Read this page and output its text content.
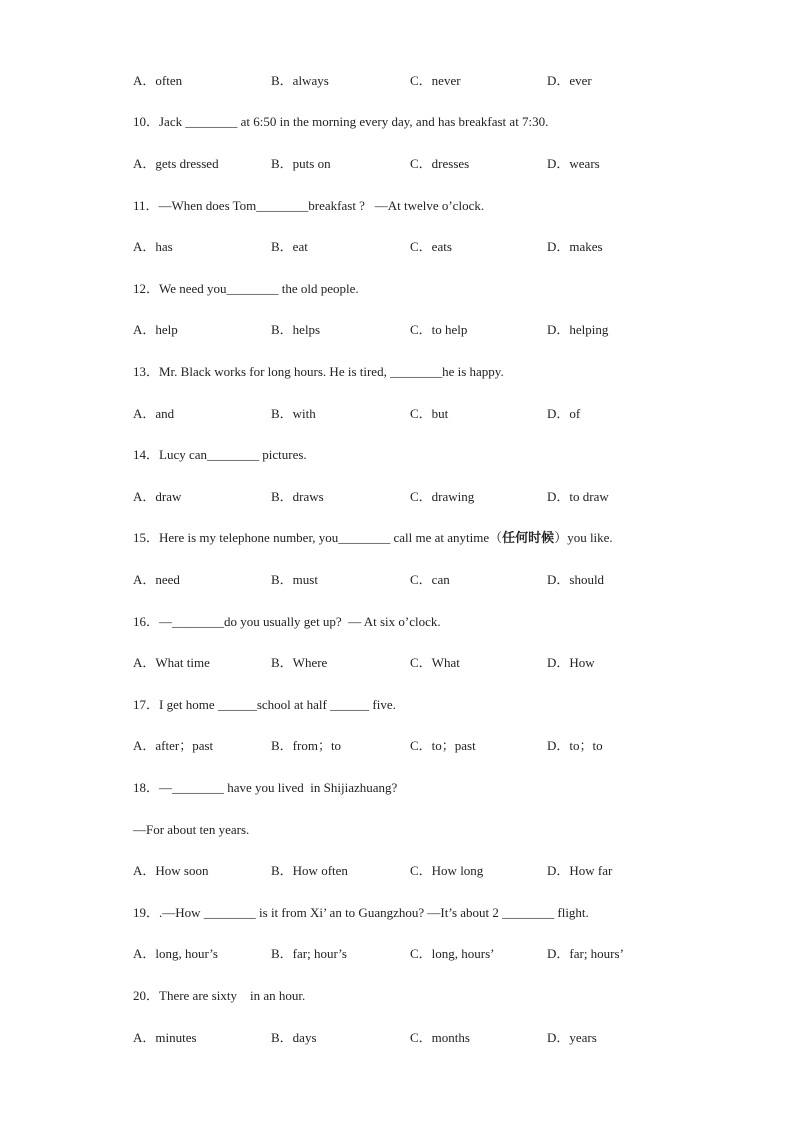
A．often	B．always	C．never	D．ever
10．Jack ________ at 6:50 in the morning every day, and has breakfast at 7:30.
A．gets dressed	B．puts on	C．dresses	D．wears
11．—When does Tom________breakfast ?   —At twelve o’clock.
A．has	B．eat	C．eats	D．makes
12．We need you________ the old people.
A．help	B．helps	C．to help	D．helping
13．Mr. Black works for long hours. He is tired, ________he is happy.
A．and	B．with	C．but	D．of
14．Lucy can________ pictures.
A．draw	B．draws	C．drawing	D．to draw
15．Here is my telephone number, you________ call me at anytime（任何时候）you like.
A．need	B．must	C．can	D．should
16．—________do you usually get up?  — At six o’clock.
A．What time	B．Where	C．What	D．How
17．I get home ______school at half ______ five.
A．after；past	B．from；to	C．to；past	D．to；to
18．—________ have you lived  in Shijiazhuang?
—For about ten years.
A．How soon	B．How often	C．How long	D．How far
19．.—How ________ is it from Xi’ an to Guangzhou? —It’s about 2 ________ flight.
A．long, hour’s	B．far; hour’s	C．long, hours’	D．far; hours’
20．There are sixty    in an hour.
A．minutes	B．days	C．months	D．years
